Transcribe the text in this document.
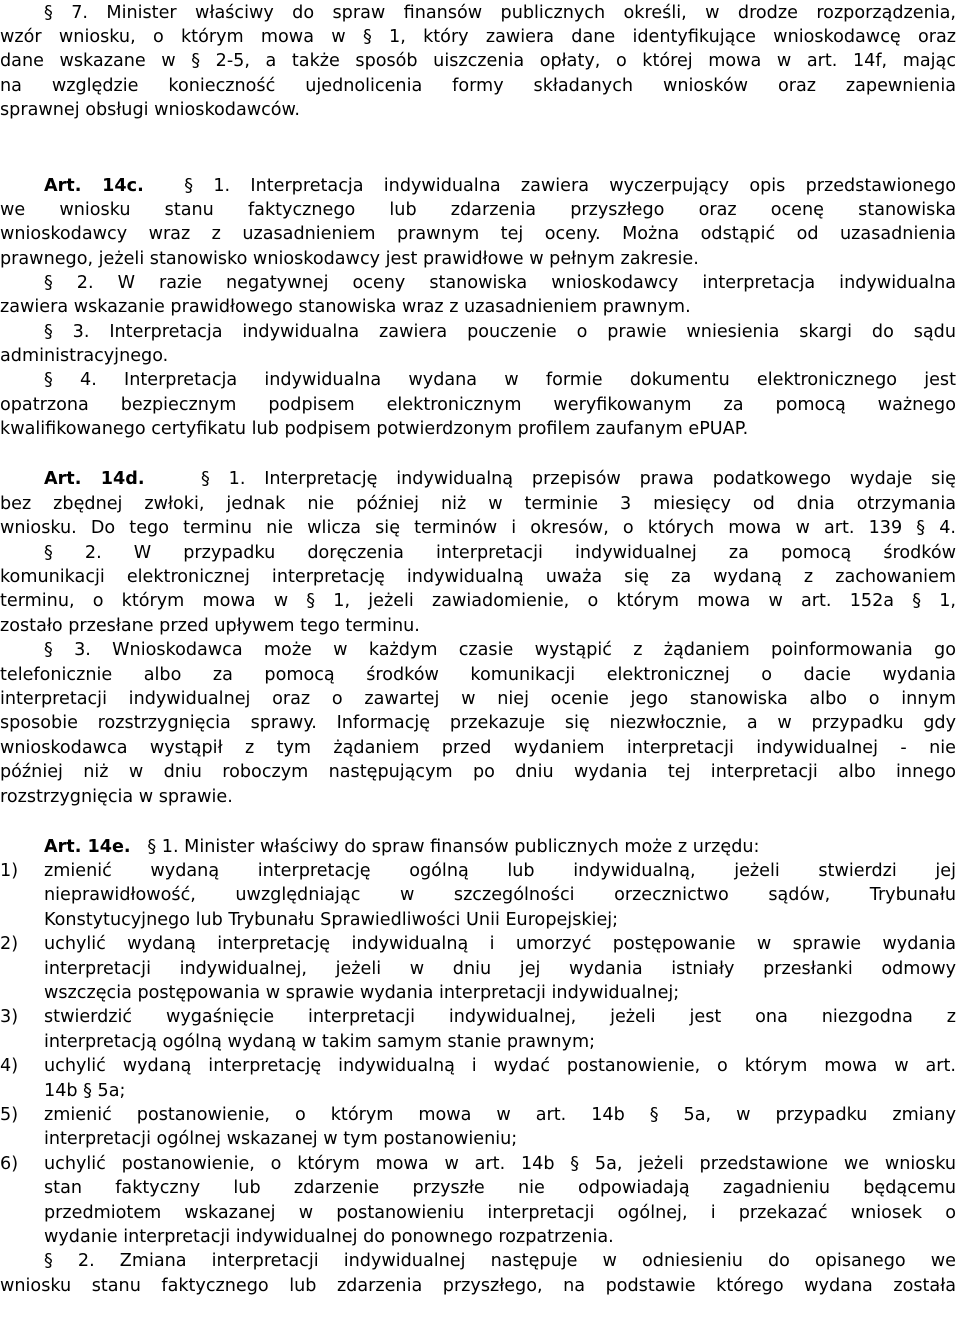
§ 7. Minister właściwy do spraw finansów publicznych określi, w drodze rozporządzenia,
wzór wniosku, o którym mowa w § 1, który zawiera dane identyfikujące wnioskodawcę oraz
dane wskazane w § 2-5, a także sposób uiszczenia opłaty, o której mowa w art. 14f, mając
na względzie konieczność ujednolicenia formy składanych wniosków oraz zapewnienia
sprawnej obsługi wnioskodawców.
Art. 14c. § 1. Interpretacja indywidualna zawiera wyczerpujący opis przedstawionego
we wniosku stanu faktycznego lub zdarzenia przyszłego oraz ocenę stanowiska
wnioskodawcy wraz z uzasadnieniem prawnym tej oceny. Można odstąpić od uzasadnienia
prawnego, jeżeli stanowisko wnioskodawcy jest prawidłowe w pełnym zakresie.
§ 2. W razie negatywnej oceny stanowiska wnioskodawcy interpretacja indywidualna
zawiera wskazanie prawidłowego stanowiska wraz z uzasadnieniem prawnym.
§ 3. Interpretacja indywidualna zawiera pouczenie o prawie wniesienia skargi do sądu
administracyjnego.
§ 4. Interpretacja indywidualna wydana w formie dokumentu elektronicznego jest
opatrzona bezpiecznym podpisem elektronicznym weryfikowanym za pomocą ważnego
kwalifikowanego certyfikatu lub podpisem potwierdzonym profilem zaufanym ePUAP.
Art. 14d.	§ 1. Interpretację indywidualną przepisów prawa podatkowego wydaje się
bez zbędnej zwłoki, jednak nie później niż w terminie 3 miesięcy od dnia otrzymania
wniosku. Do tego terminu nie wlicza się terminów i okresów, o których mowa w art. 139 § 4.
§ 2. W przypadku doręczenia interpretacji indywidualnej za pomocą środków
komunikacji elektronicznej interpretację indywidualną uważa się za wydaną z zachowaniem
terminu, o którym mowa w § 1, jeżeli zawiadomienie, o którym mowa w art. 152a § 1,
zostało przesłane przed upływem tego terminu.
§ 3. Wnioskodawca może w każdym czasie wystąpić z żądaniem poinformowania go
telefonicznie albo za pomocą środków komunikacji elektronicznej o dacie wydania
interpretacji indywidualnej oraz o zawartej w niej ocenie jego stanowiska albo o innym
sposobie rozstrzygnięcia sprawy. Informację przekazuje się niezwłocznie, a w przypadku gdy
wnioskodawca wystąpił z tym żądaniem przed wydaniem interpretacji indywidualnej - nie
później niż w dniu roboczym następującym po dniu wydania tej interpretacji albo innego
rozstrzygnięcia w sprawie.
Art. 14e. § 1. Minister właściwy do spraw finansów publicznych może z urzędu:
1)	zmienić wydaną interpretację ogólną lub indywidualną, jeżeli stwierdzi jej
nieprawidłowość, uwzględniając w szczególności orzecznictwo sądów, Trybunału
Konstytucyjnego lub Trybunału Sprawiedliwości Unii Europejskiej;
2)	uchylić wydaną interpretację indywidualną i umorzyć postępowanie w sprawie wydania
interpretacji indywidualnej, jeżeli w dniu jej wydania istniały przesłanki odmowy
wszczęcia postępowania w sprawie wydania interpretacji indywidualnej;
3)	stwierdzić wygaśnięcie interpretacji indywidualnej, jeżeli jest ona niezgodna z
interpretacją ogólną wydaną w takim samym stanie prawnym;
4)	uchylić wydaną interpretację indywidualną i wydać postanowienie, o którym mowa w art.
14b § 5a;
5)	zmienić postanowienie, o którym mowa w art. 14b § 5a, w przypadku zmiany
interpretacji ogólnej wskazanej w tym postanowieniu;
6)	uchylić postanowienie, o którym mowa w art. 14b § 5a, jeżeli przedstawione we wniosku
stan faktyczny lub zdarzenie przyszłe nie odpowiadają zagadnieniu będącemu
przedmiotem wskazanej w postanowieniu interpretacji ogólnej, i przekazać wniosek o
wydanie interpretacji indywidualnej do ponownego rozpatrzenia.
§ 2. Zmiana interpretacji indywidualnej następuje w odniesieniu do opisanego we
wniosku stanu faktycznego lub zdarzenia przyszłego, na podstawie którego wydana została
